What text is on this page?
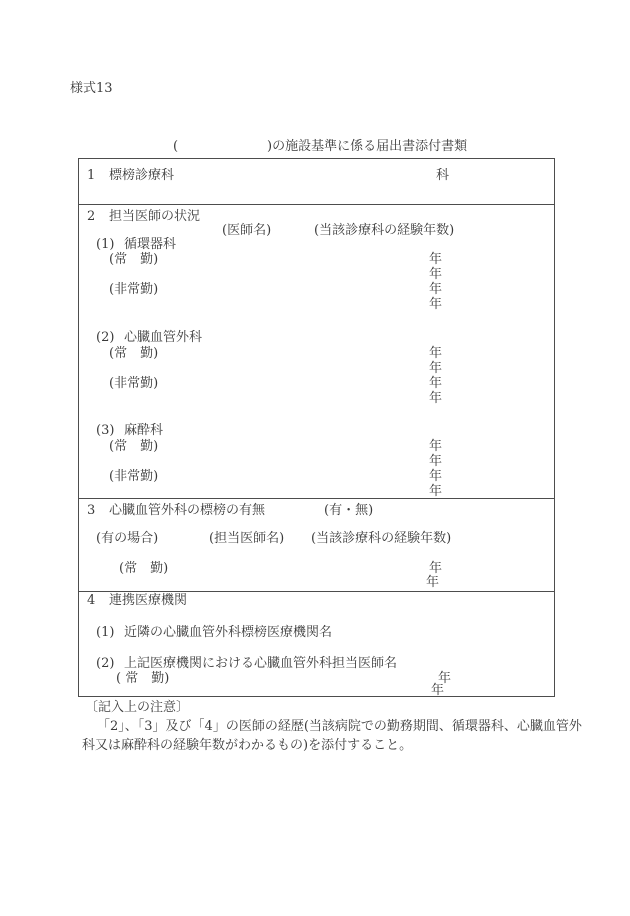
様式13
(	)の施設基準に係る届出書添付書類
1 標榜診療科	科
2 担当医師の状況
(医師名)	(当該診療科の経験年数)
(1) 循環器科
(常　勤)	年
年
(非常勤)	年
年
(2) 心臓血管外科
(常　勤)	年
年
(非常勤)	年
年
(3) 麻酔科
(常　勤)	年
年
(非常勤)	年
年
3 心臓血管外科の標榜の有無	(有・無)
(有の場合)	(担当医師名) (当該診療科の経験年数)
(常　勤)	年
年
4 連携医療機関
(1) 近隣の心臓血管外科標榜医療機関名
(2) 上記医療機関における心臓血管外科担当医師名
( 常　勤)	年
年
〔記入上の注意〕
「2」、「3」及び「4」の医師の経歴(当該病院での勤務期間、循環器科、心臓血管外
科又は麻酔科の経験年数がわかるもの)を添付すること。
